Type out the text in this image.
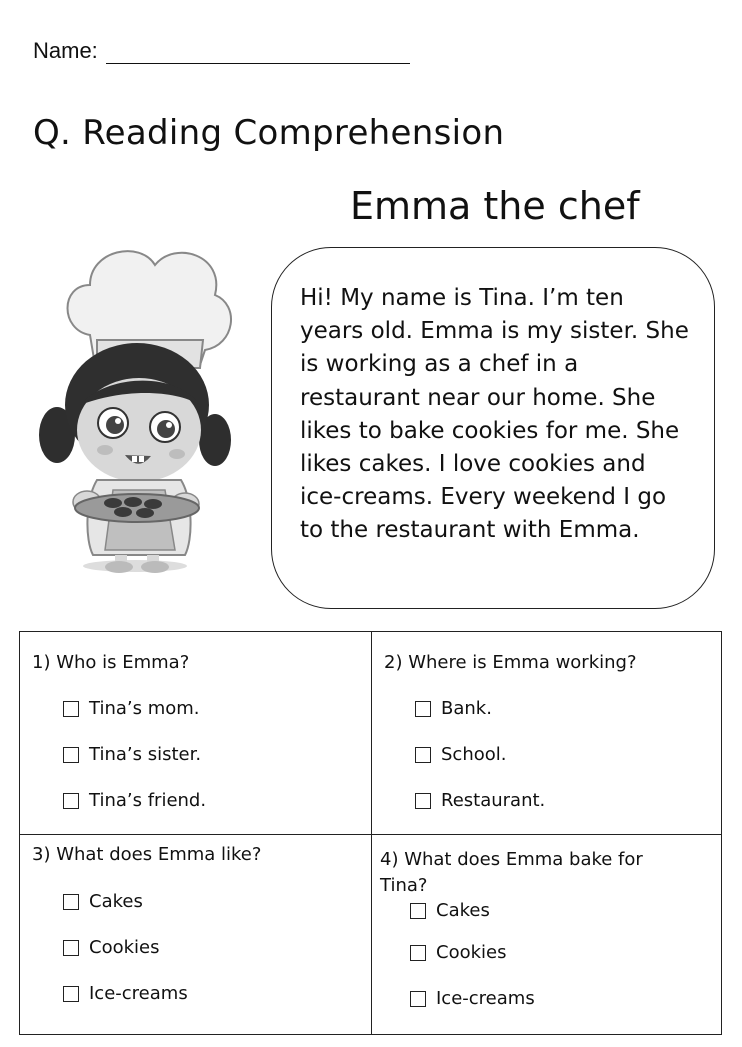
Name:
Q. Reading Comprehension
Emma the chef

Hi! My name is Tina. I’m ten years old. Emma is my sister. She is working as a chef in a restaurant near our home. She likes to bake cookies for me. She likes cakes. I love cookies and ice-creams. Every weekend I go to the restaurant with Emma.

1) Who is Emma?

Tina’s mom.
Tina’s sister.
Tina’s friend.

2) Where is Emma working?

Bank.
School.
Restaurant.

3) What does Emma like?

Cakes
Cookies
Ice-creams

4) What does Emma bake for Tina?

Cakes
Cookies
Ice-creams
